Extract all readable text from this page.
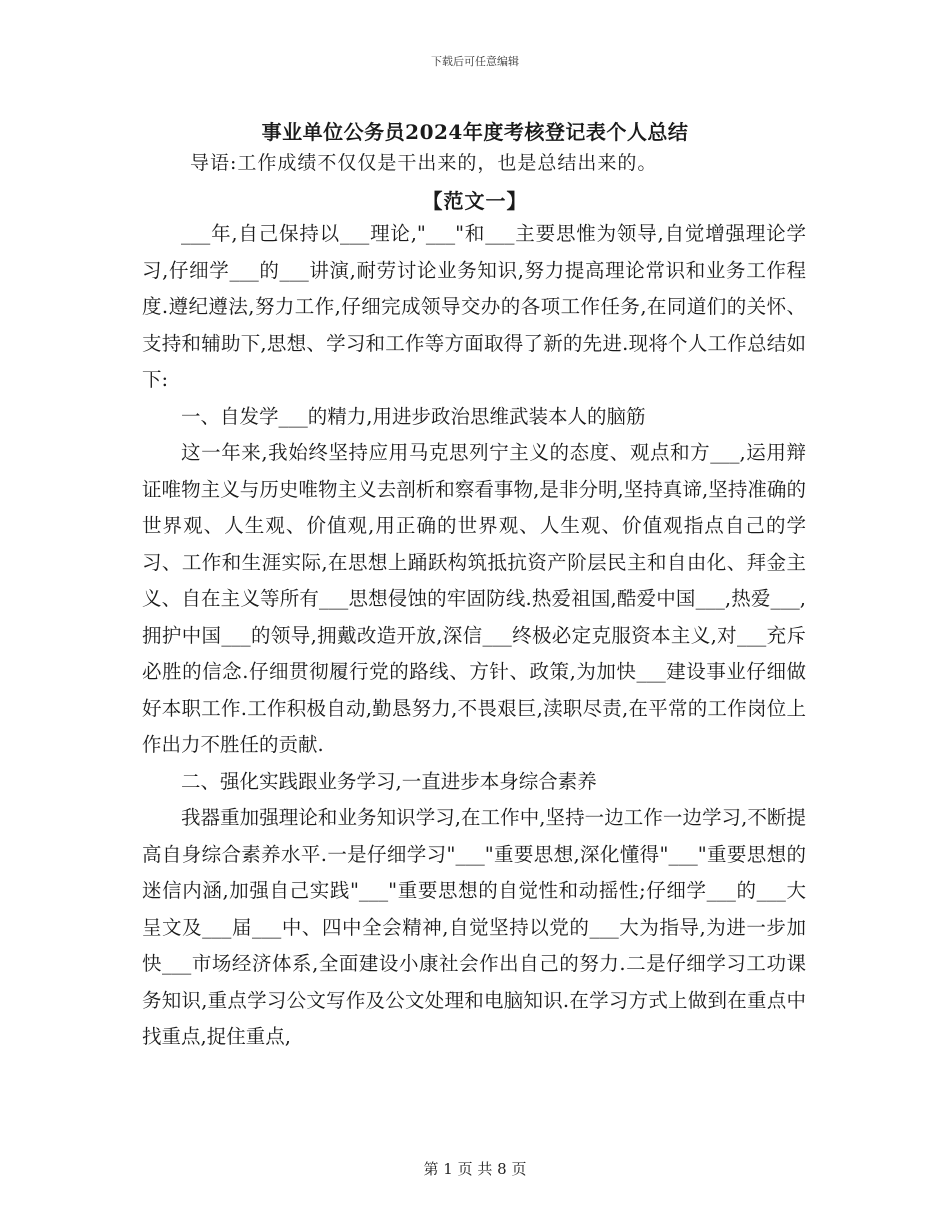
下载后可任意编辑
事业单位公务员2024年度考核登记表个人总结
导语:工作成绩不仅仅是干出来的，也是总结出来的。
【范文一】

___年,自己保持以___理论,"___"和___主要思惟为领导,自觉增强理论学习,仔细学___的___讲演,耐劳讨论业务知识,努力提高理论常识和业务工作程度.遵纪遵法,努力工作,仔细完成领导交办的各项工作任务,在同道们的关怀、支持和辅助下,思想、学习和工作等方面取得了新的先进.现将个人工作总结如下:

一、自发学___的精力,用进步政治思维武装本人的脑筋

这一年来,我始终坚持应用马克思列宁主义的态度、观点和方___,运用辩证唯物主义与历史唯物主义去剖析和察看事物,是非分明,坚持真谛,坚持准确的世界观、人生观、价值观,用正确的世界观、人生观、价值观指点自己的学习、工作和生涯实际,在思想上踊跃构筑抵抗资产阶层民主和自由化、拜金主义、自在主义等所有___思想侵蚀的牢固防线.热爱祖国,酷爱中国___,热爱___,拥护中国___的领导,拥戴改造开放,深信___终极必定克服资本主义,对___充斥必胜的信念.仔细贯彻履行党的路线、方针、政策,为加快___建设事业仔细做好本职工作.工作积极自动,勤恳努力,不畏艰巨,渎职尽责,在平常的工作岗位上作出力不胜任的贡献.

二、强化实践跟业务学习,一直进步本身综合素养

我器重加强理论和业务知识学习,在工作中,坚持一边工作一边学习,不断提高自身综合素养水平.一是仔细学习"___"重要思想,深化懂得"___"重要思想的迷信内涵,加强自己实践"___"重要思想的自觉性和动摇性;仔细学___的___大呈文及___届___中、四中全会精神,自觉坚持以党的___大为指导,为进一步加快___市场经济体系,全面建设小康社会作出自己的努力.二是仔细学习工功课务知识,重点学习公文写作及公文处理和电脑知识.在学习方式上做到在重点中找重点,捉住重点,

第 1 页 共 8 页
